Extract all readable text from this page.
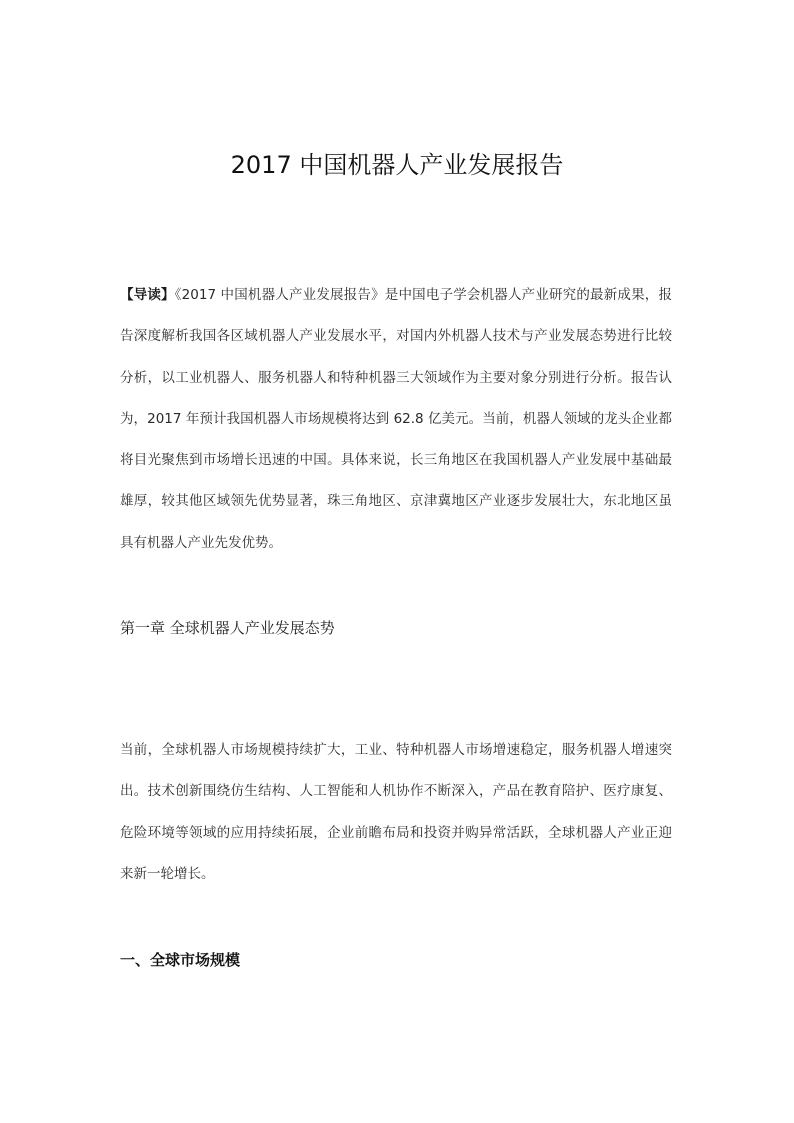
2017 中国机器人产业发展报告

【导读】《2017 中国机器人产业发展报告》是中国电子学会机器人产业研究的最新成果，报告深度解析我国各区域机器人产业发展水平，对国内外机器人技术与产业发展态势进行比较分析，以工业机器人、服务机器人和特种机器三大领域作为主要对象分别进行分析。报告认为，2017 年预计我国机器人市场规模将达到 62.8 亿美元。当前，机器人领域的龙头企业都将目光聚焦到市场增长迅速的中国。具体来说，长三角地区在我国机器人产业发展中基础最雄厚，较其他区域领先优势显著，珠三角地区、京津冀地区产业逐步发展壮大，东北地区虽具有机器人产业先发优势。

第一章 全球机器人产业发展态势

当前，全球机器人市场规模持续扩大，工业、特种机器人市场增速稳定，服务机器人增速突出。技术创新围绕仿生结构、人工智能和人机协作不断深入，产品在教育陪护、医疗康复、危险环境等领域的应用持续拓展，企业前瞻布局和投资并购异常活跃，全球机器人产业正迎来新一轮增长。

一、全球市场规模
